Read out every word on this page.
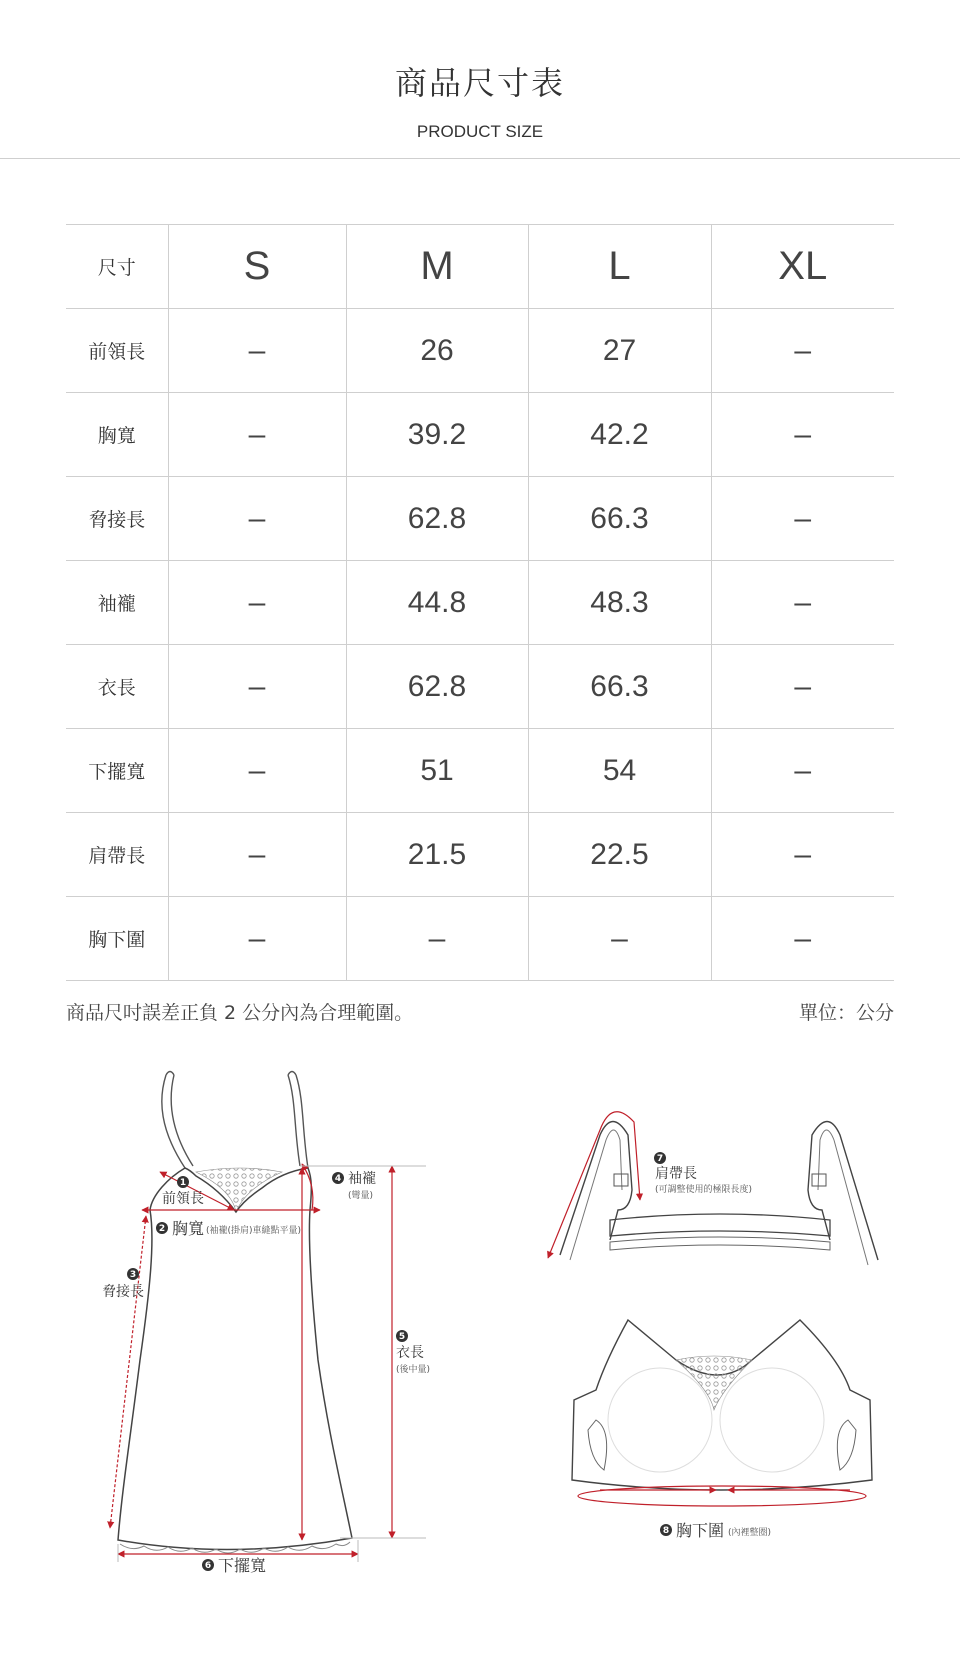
商品尺寸表
PRODUCT SIZE
尺寸	S	M	L	XL
前領長	–	26	27	–
胸寬	–	39.2	42.2	–
脅接長	–	62.8	66.3	–
袖襱	–	44.8	48.3	–
衣長	–	62.8	66.3	–
下擺寬	–	51	54	–
肩帶長	–	21.5	22.5	–
胸下圍	–	–	–	–
商品尺吋誤差正負 2 公分內為合理範圍。	單位：公分
1
前領長
2 胸寬 (袖襱(掛肩)車縫點平量)
3
脅接長
4 袖襱
(彎量)
5
衣長
(後中量)
6 下擺寬
7
肩帶長
(可調整使用的極限長度)
8 胸下圍 (內裡整圈)
